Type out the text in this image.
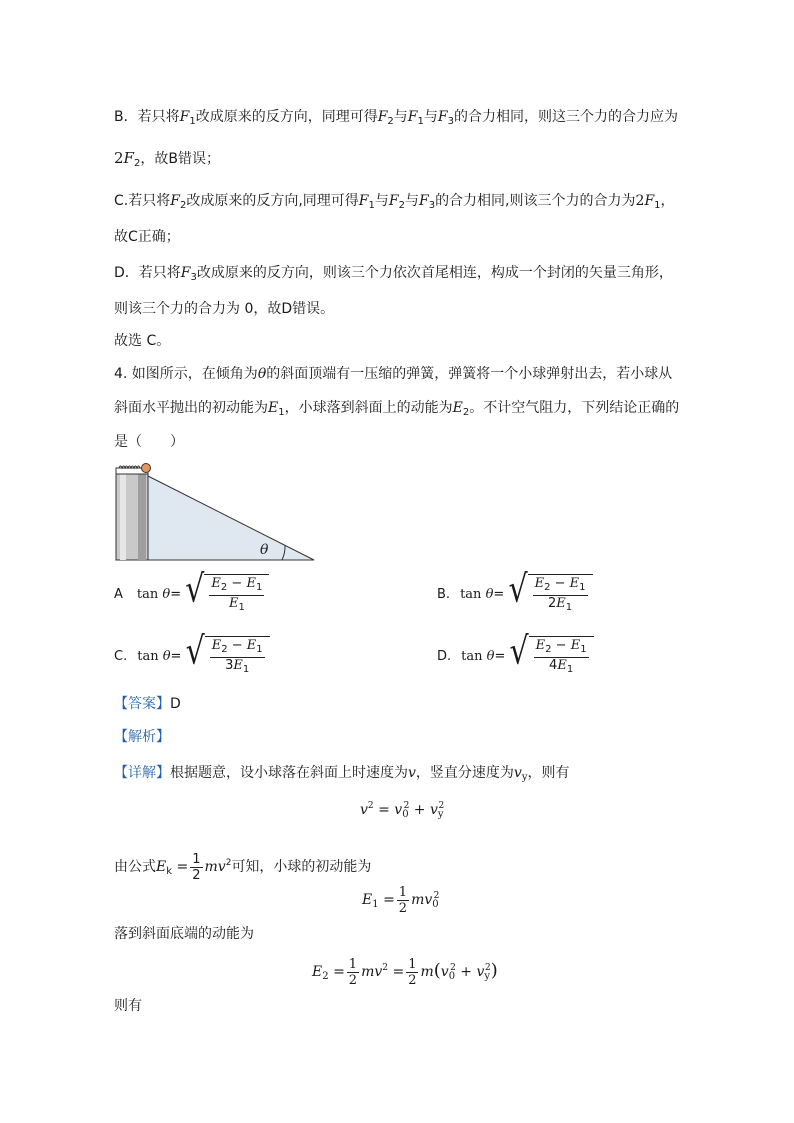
B．若只将$F_1$改成原来的反方向，同理可得$F_2$与$F_1$与$F_3$的合力相同，则这三个力的合力应为
$2F_2$，故B错误；
C.若只将$F_2$改成原来的反方向,同理可得$F_1$与$F_2$与$F_3$的合力相同,则该三个力的合力为$2F_1$，
故C正确；
D．若只将$F_3$改成原来的反方向，则该三个力依次首尾相连，构成一个封闭的矢量三角形，
则该三个力的合力为 0，故D错误。
故选 C。
4. 如图所示，在倾角为θ的斜面顶端有一压缩的弹簧，弹簧将一个小球弹射出去，若小球从
斜面水平抛出的初动能为$E_1$，小球落到斜面上的动能为$E_2$。不计空气阻力，下列结论正确的
是（　　）
θ
A tan θ= √ $\frac{E_2 - E_1}{E_1}$	B. tan θ= √ $\frac{E_2 - E_1}{2E_1}$
C. tan θ= √ $\frac{E_2 - E_1}{3E_1}$	D. tan θ= √ $\frac{E_2 - E_1}{4E_1}$
【答案】D
【解析】
【详解】根据题意，设小球落在斜面上时速度为v，竖直分速度为$v_y$，则有
$v^2 = v_0^2 + v_y^2$
由公式$E_k = \frac{1}{2} mv^2$可知，小球的初动能为
$E_1 = \frac{1}{2} mv_0^2$
落到斜面底端的动能为
$E_2 = \frac{1}{2} mv^2 = \frac{1}{2} m(v_0^2 + v_y^2)$
则有
